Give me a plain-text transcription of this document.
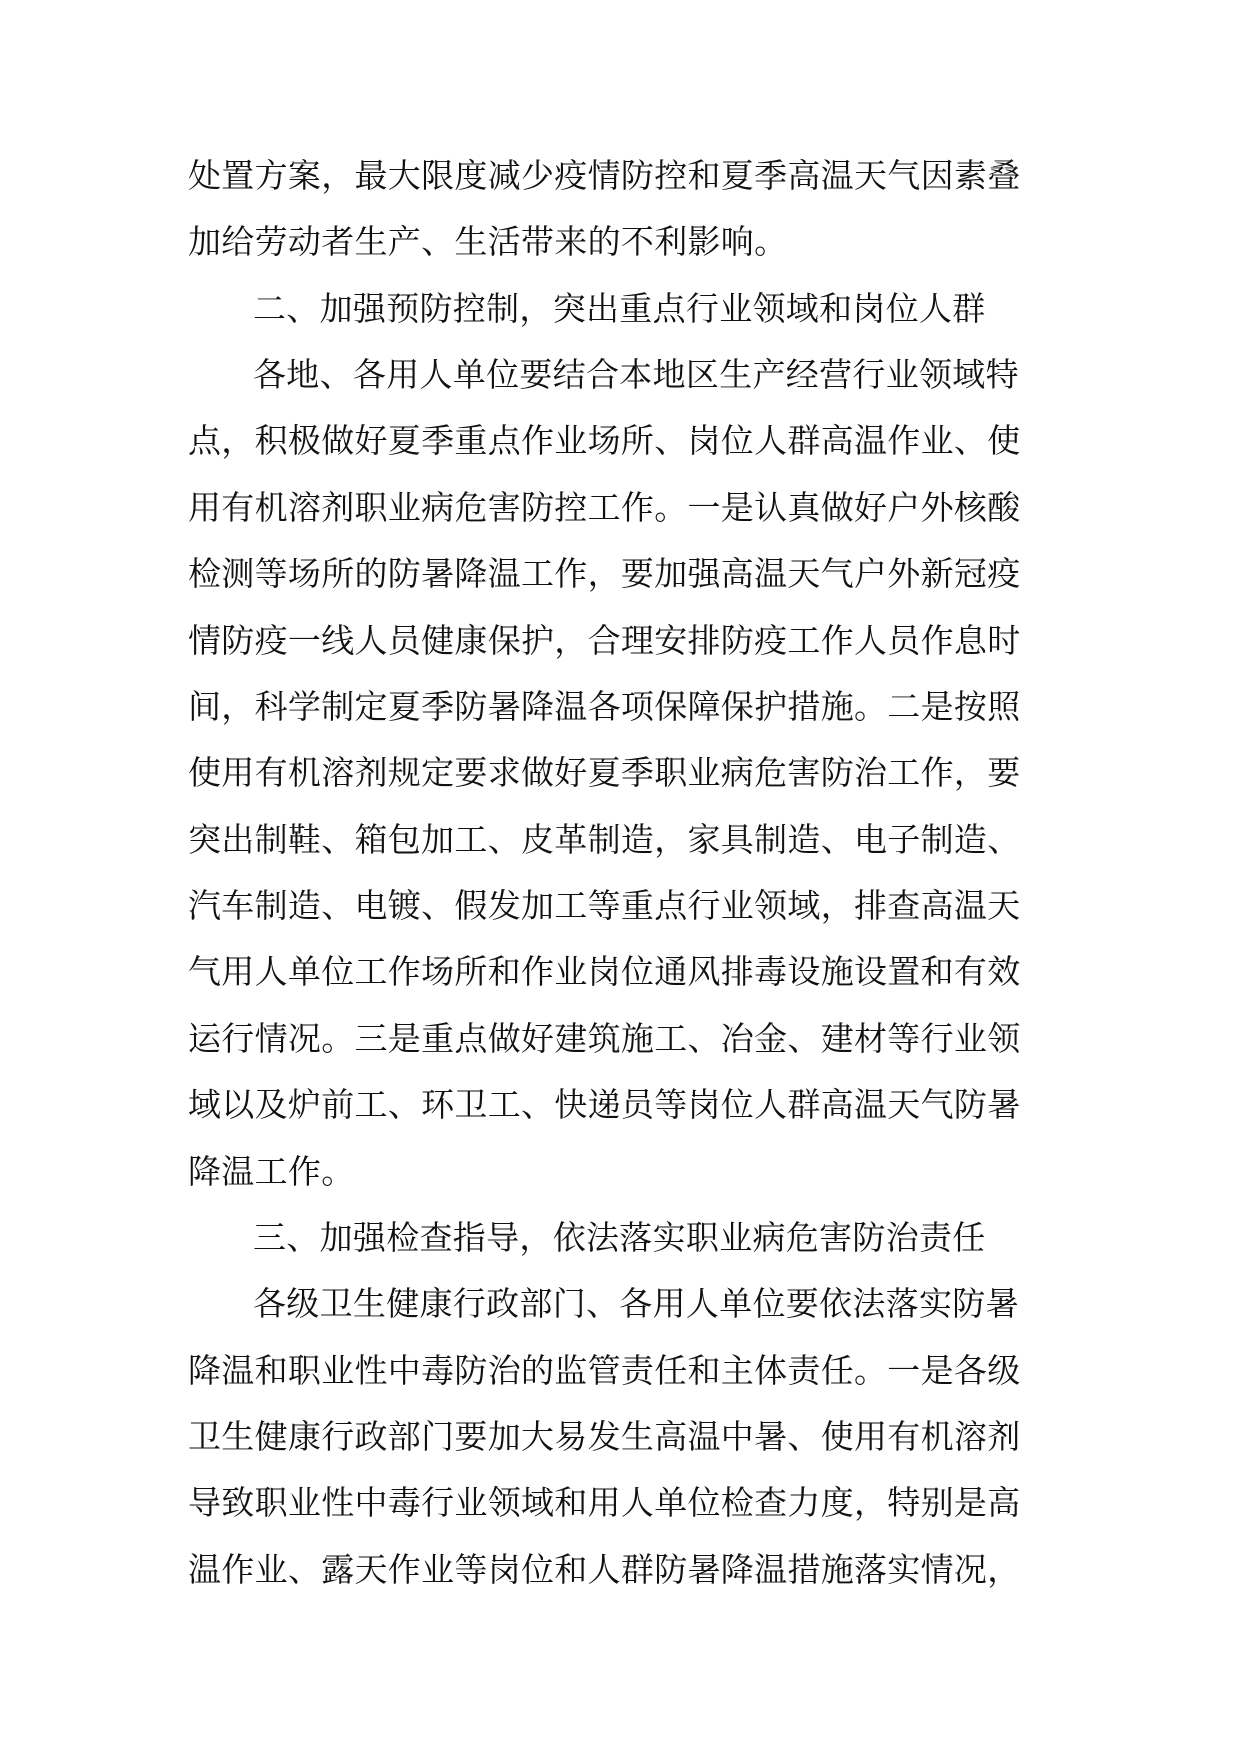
处置方案，最大限度减少疫情防控和夏季高温天气因素叠
加给劳动者生产、生活带来的不利影响。
二、加强预防控制，突出重点行业领域和岗位人群
各地、各用人单位要结合本地区生产经营行业领域特
点，积极做好夏季重点作业场所、岗位人群高温作业、使
用有机溶剂职业病危害防控工作。一是认真做好户外核酸
检测等场所的防暑降温工作，要加强高温天气户外新冠疫
情防疫一线人员健康保护，合理安排防疫工作人员作息时
间，科学制定夏季防暑降温各项保障保护措施。二是按照
使用有机溶剂规定要求做好夏季职业病危害防治工作，要
突出制鞋、箱包加工、皮革制造，家具制造、电子制造、
汽车制造、电镀、假发加工等重点行业领域，排查高温天
气用人单位工作场所和作业岗位通风排毒设施设置和有效
运行情况。三是重点做好建筑施工、冶金、建材等行业领
域以及炉前工、环卫工、快递员等岗位人群高温天气防暑
降温工作。
三、加强检查指导，依法落实职业病危害防治责任
各级卫生健康行政部门、各用人单位要依法落实防暑
降温和职业性中毒防治的监管责任和主体责任。一是各级
卫生健康行政部门要加大易发生高温中暑、使用有机溶剂
导致职业性中毒行业领域和用人单位检查力度，特别是高
温作业、露天作业等岗位和人群防暑降温措施落实情况，
